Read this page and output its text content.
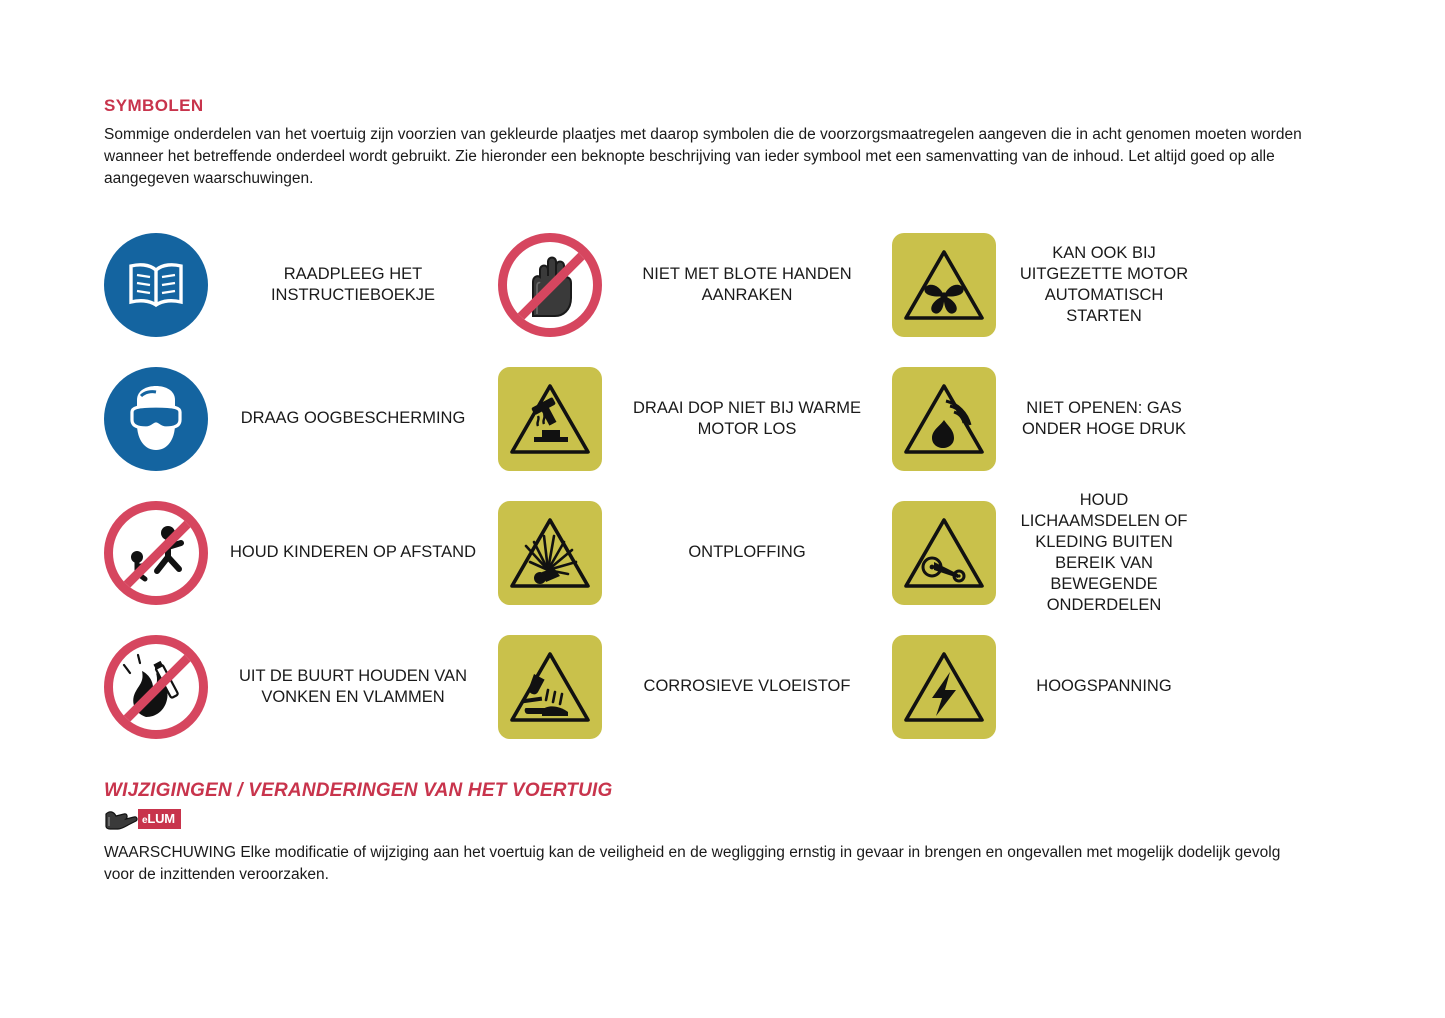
SYMBOLEN

Sommige onderdelen van het voertuig zijn voorzien van gekleurde plaatjes met daarop symbolen die de voorzorgsmaatregelen aangeven die in acht genomen moeten worden wanneer het betreffende onderdeel wordt gebruikt. Zie hieronder een beknopte beschrijving van ieder symbool met een samenvatting van de inhoud. Let altijd goed op alle aangegeven waarschuwingen.

RAADPLEEG HET INSTRUCTIEBOEKJE
NIET MET BLOTE HANDEN AANRAKEN
KAN OOK BIJ UITGEZETTE MOTOR AUTOMATISCH STARTEN
DRAAG OOGBESCHERMING
DRAAI DOP NIET BIJ WARME MOTOR LOS
NIET OPENEN: GAS ONDER HOGE DRUK
HOUD KINDEREN OP AFSTAND	ONTPLOFFING
HOUD LICHAAMSDELEN OF KLEDING BUITEN BEREIK VAN BEWEGENDE ONDERDELEN
UIT DE BUURT HOUDEN VAN VONKEN EN VLAMMEN
CORROSIEVE VLOEISTOF	HOOGSPANNING
WIJZIGINGEN / VERANDERINGEN VAN HET VOERTUIG
eLUM

WAARSCHUWING Elke modificatie of wijziging aan het voertuig kan de veiligheid en de wegligging ernstig in gevaar in brengen en ongevallen met mogelijk dodelijk gevolg voor de inzittenden veroorzaken.
